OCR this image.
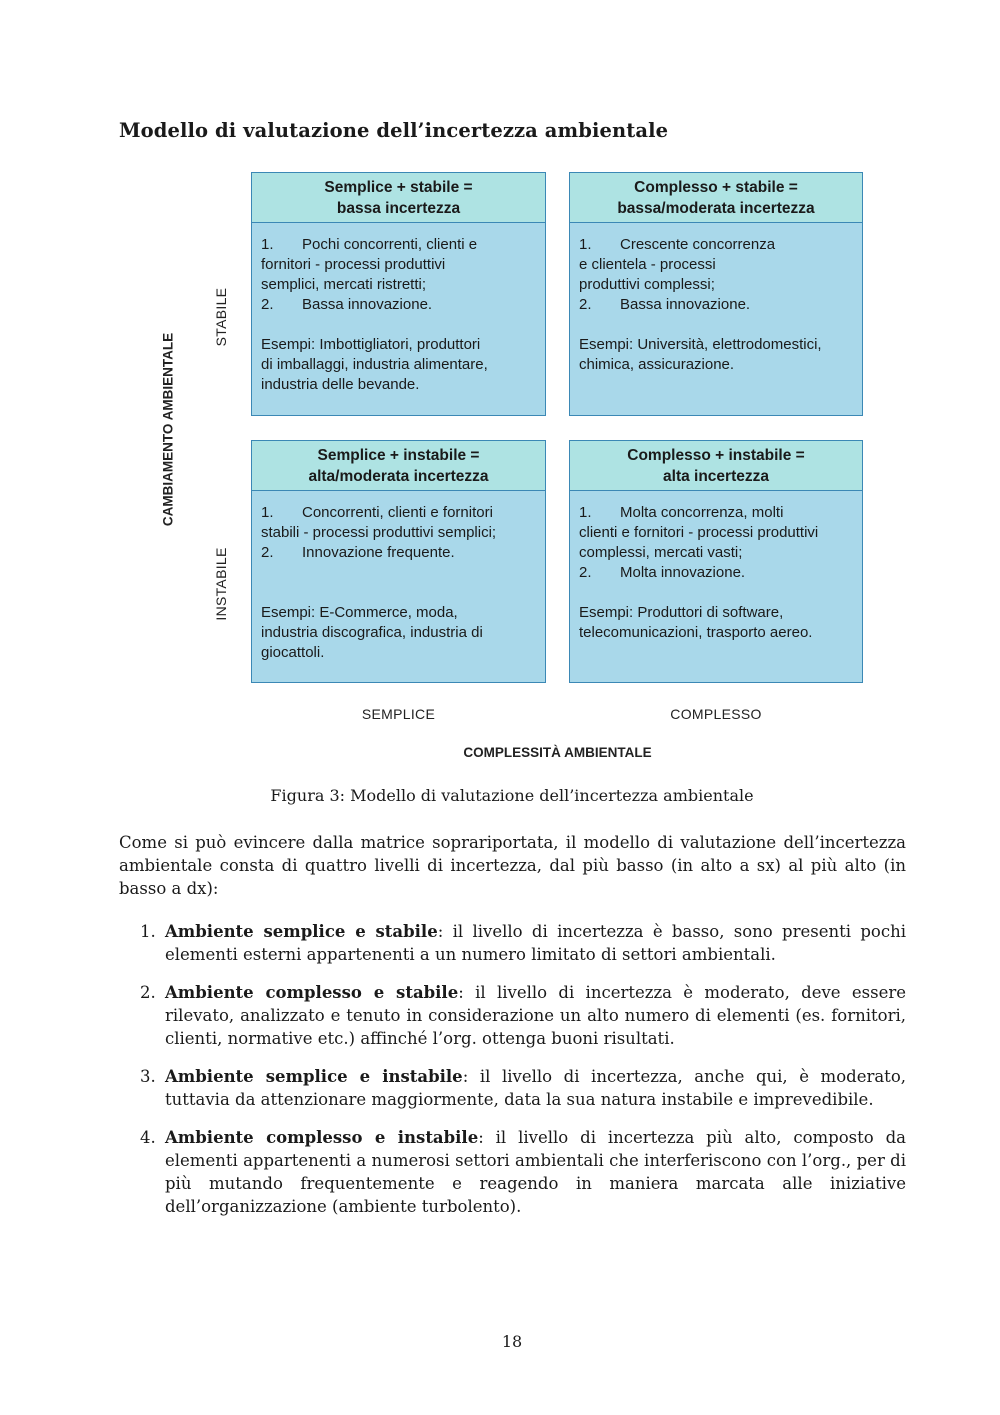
Modello di valutazione dell’incertezza ambientale
CAMBIAMENTO AMBIENTALE
STABILE
INSTABILE
Semplice + stabile =
bassa incertezza
1. Pochi concorrenti, clienti e
fornitori - processi produttivi
semplici, mercati ristretti;
2.	Bassa innovazione.
Esempi: Imbottigliatori, produttori
di imballaggi, industria alimentare,
industria delle bevande.
Complesso + stabile =
bassa/moderata incertezza
1. Crescente concorrenza
e clientela - processi
produttivi complessi;
2.	Bassa innovazione.
Esempi: Università, elettrodomestici,
chimica, assicurazione.
Semplice + instabile =
alta/moderata incertezza
1. Concorrenti, clienti e fornitori
stabili - processi produttivi semplici;
2.	Innovazione frequente.
Esempi: E-Commerce, moda,
industria discografica, industria di
giocattoli.
Complesso + instabile =
alta incertezza
1. Molta concorrenza, molti
clienti e fornitori - processi produttivi
complessi, mercati vasti;
2.	Molta innovazione.
Esempi: Produttori di software,
telecomunicazioni, trasporto aereo.
SEMPLICE	COMPLESSO
COMPLESSITÀ AMBIENTALE
Figura 3: Modello di valutazione dell’incertezza ambientale

Come si può evincere dalla matrice soprariportata, il modello di valutazione dell’incertezza ambientale consta di quattro livelli di incertezza, dal più basso (in alto a sx) al più alto (in basso a dx):

1. Ambiente semplice e stabile: il livello di incertezza è basso, sono presenti pochi elementi esterni appartenenti a un numero limitato di settori ambientali.
2. Ambiente complesso e stabile: il livello di incertezza è moderato, deve essere rilevato, analizzato e tenuto in considerazione un alto numero di elementi (es. fornitori, clienti, normative etc.) affinché l’org. ottenga buoni risultati.
3. Ambiente semplice e instabile: il livello di incertezza, anche qui, è moderato, tuttavia da attenzionare maggiormente, data la sua natura instabile e imprevedibile.
4. Ambiente complesso e instabile: il livello di incertezza più alto, composto da elementi appartenenti a numerosi settori ambientali che interferiscono con l’org., per di più mutando frequentemente e reagendo in maniera marcata alle iniziative dell’organizzazione (ambiente turbolento).
18
